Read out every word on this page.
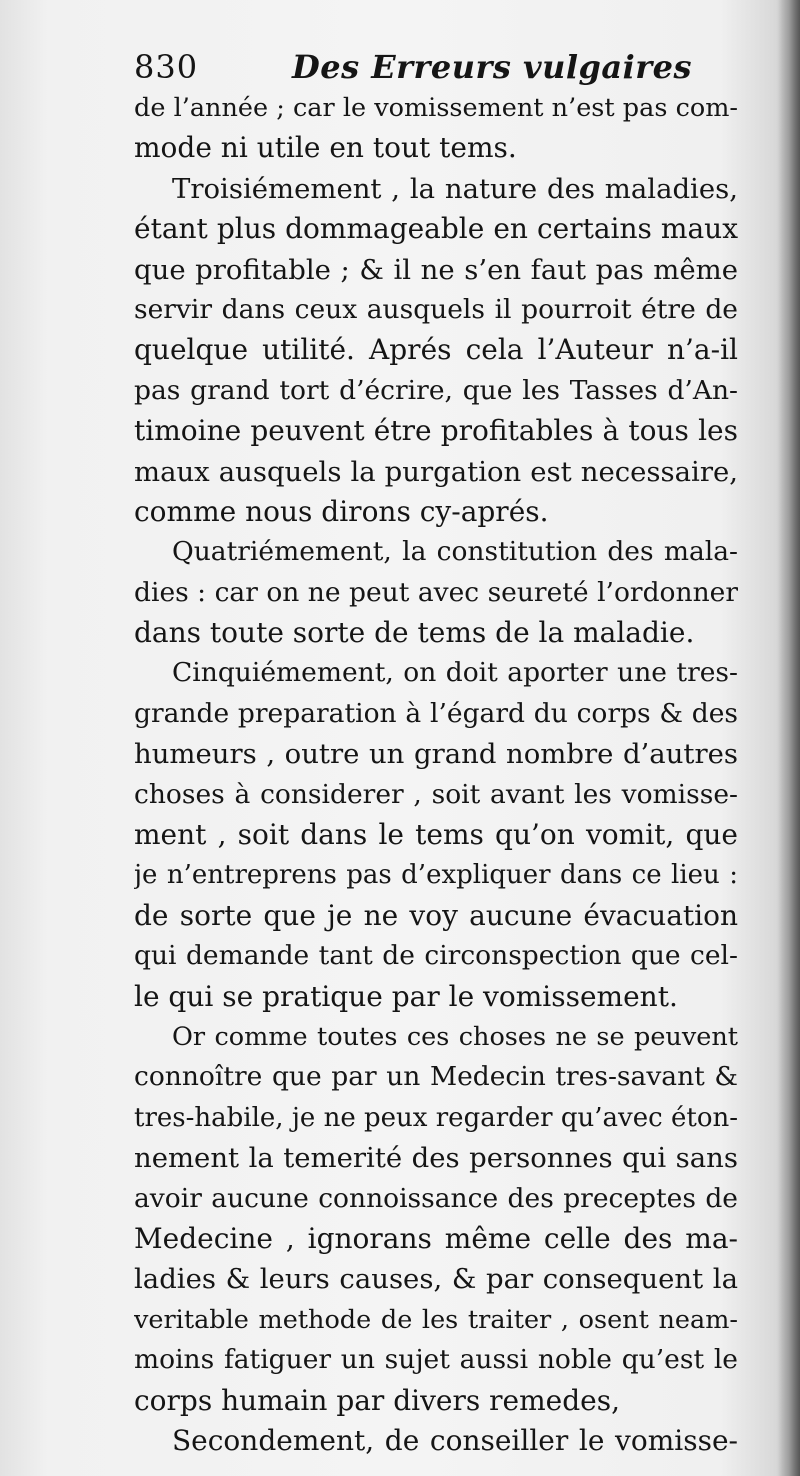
830	Des Erreurs vulgaires
de l’année ; car le vomissement n’est pas com-
mode ni utile en tout tems.
Troisiémement , la nature des maladies,
étant plus dommageable en certains maux
que profitable ; & il ne s’en faut pas même
servir dans ceux ausquels il pourroit étre de
quelque utilité. Aprés cela l’Auteur n’a-il
pas grand tort d’écrire, que les Tasses d’An-
timoine peuvent étre profitables à tous les
maux ausquels la purgation est necessaire,
comme nous dirons cy-aprés.
Quatriémement, la constitution des mala-
dies : car on ne peut avec seureté l’ordonner
dans toute sorte de tems de la maladie.
Cinquiémement, on doit aporter une tres-
grande preparation à l’égard du corps & des
humeurs , outre un grand nombre d’autres
choses à considerer , soit avant les vomisse-
ment , soit dans le tems qu’on vomit, que
je n’entreprens pas d’expliquer dans ce lieu :
de sorte que je ne voy aucune évacuation
qui demande tant de circonspection que cel-
le qui se pratique par le vomissement.
Or comme toutes ces choses ne se peuvent
connoître que par un Medecin tres-savant &
tres-habile, je ne peux regarder qu’avec éton-
nement la temerité des personnes qui sans
avoir aucune connoissance des preceptes de
Medecine , ignorans même celle des ma-
ladies & leurs causes, & par consequent la
veritable methode de les traiter , osent neam-
moins fatiguer un sujet aussi noble qu’est le
corps humain par divers remedes,
Secondement, de conseiller le vomisse-
